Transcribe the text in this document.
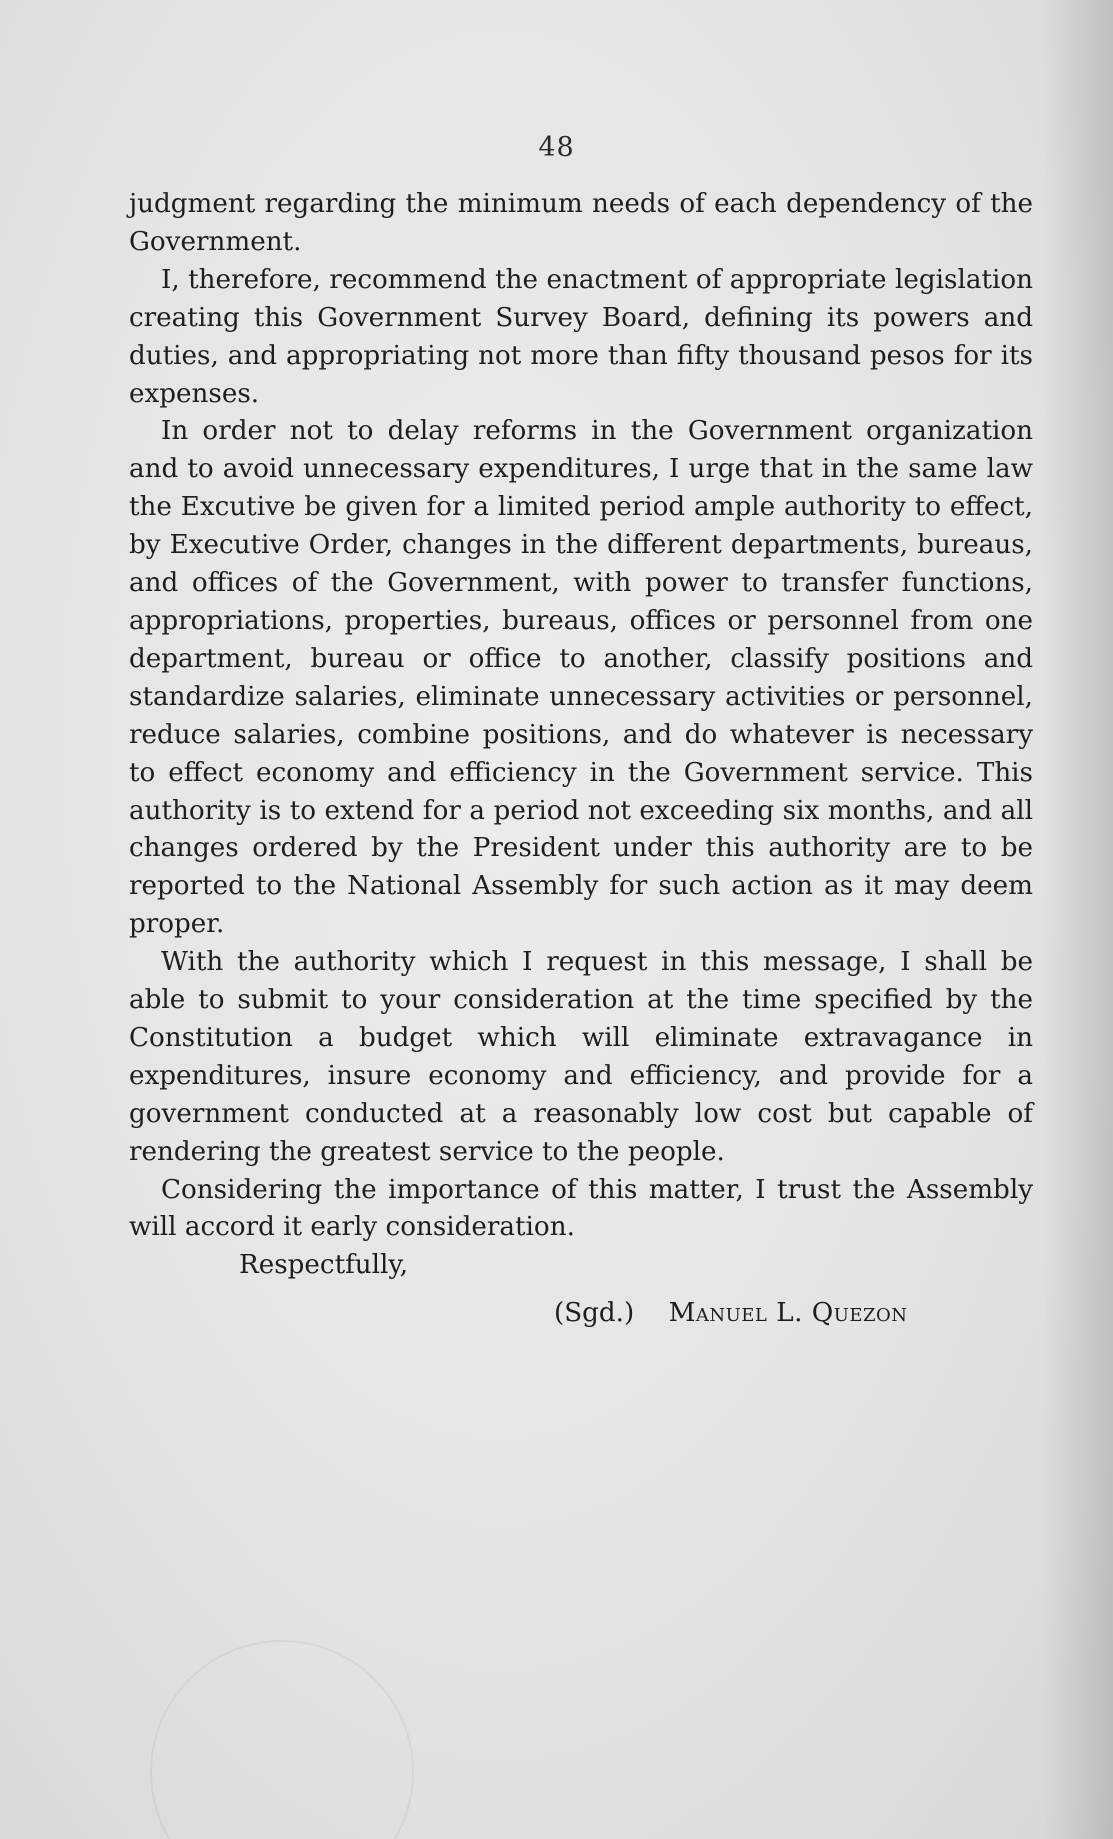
48

judgment regarding the minimum needs of each dependency of the Government.

I, therefore, recommend the enactment of appropriate legislation creating this Government Survey Board, defining its powers and duties, and appropriating not more than fifty thousand pesos for its expenses.

In order not to delay reforms in the Government organization and to avoid unnecessary expenditures, I urge that in the same law the Excutive be given for a limited period ample authority to effect, by Executive Order, changes in the different departments, bureaus, and offices of the Government, with power to transfer functions, appropriations, properties, bureaus, offices or personnel from one department, bureau or office to another, classify positions and standardize salaries, eliminate unnecessary activities or personnel, reduce salaries, combine positions, and do whatever is necessary to effect economy and efficiency in the Government service. This authority is to extend for a period not exceeding six months, and all changes ordered by the President under this authority are to be reported to the National Assembly for such action as it may deem proper.

With the authority which I request in this message, I shall be able to submit to your consideration at the time specified by the Constitution a budget which will eliminate extravagance in expenditures, insure economy and efficiency, and provide for a government conducted at a reasonably low cost but capable of rendering the greatest service to the people.

Considering the importance of this matter, I trust the Assembly will accord it early consideration.

Respectfully,
(Sgd.) Manuel L. Quezon
